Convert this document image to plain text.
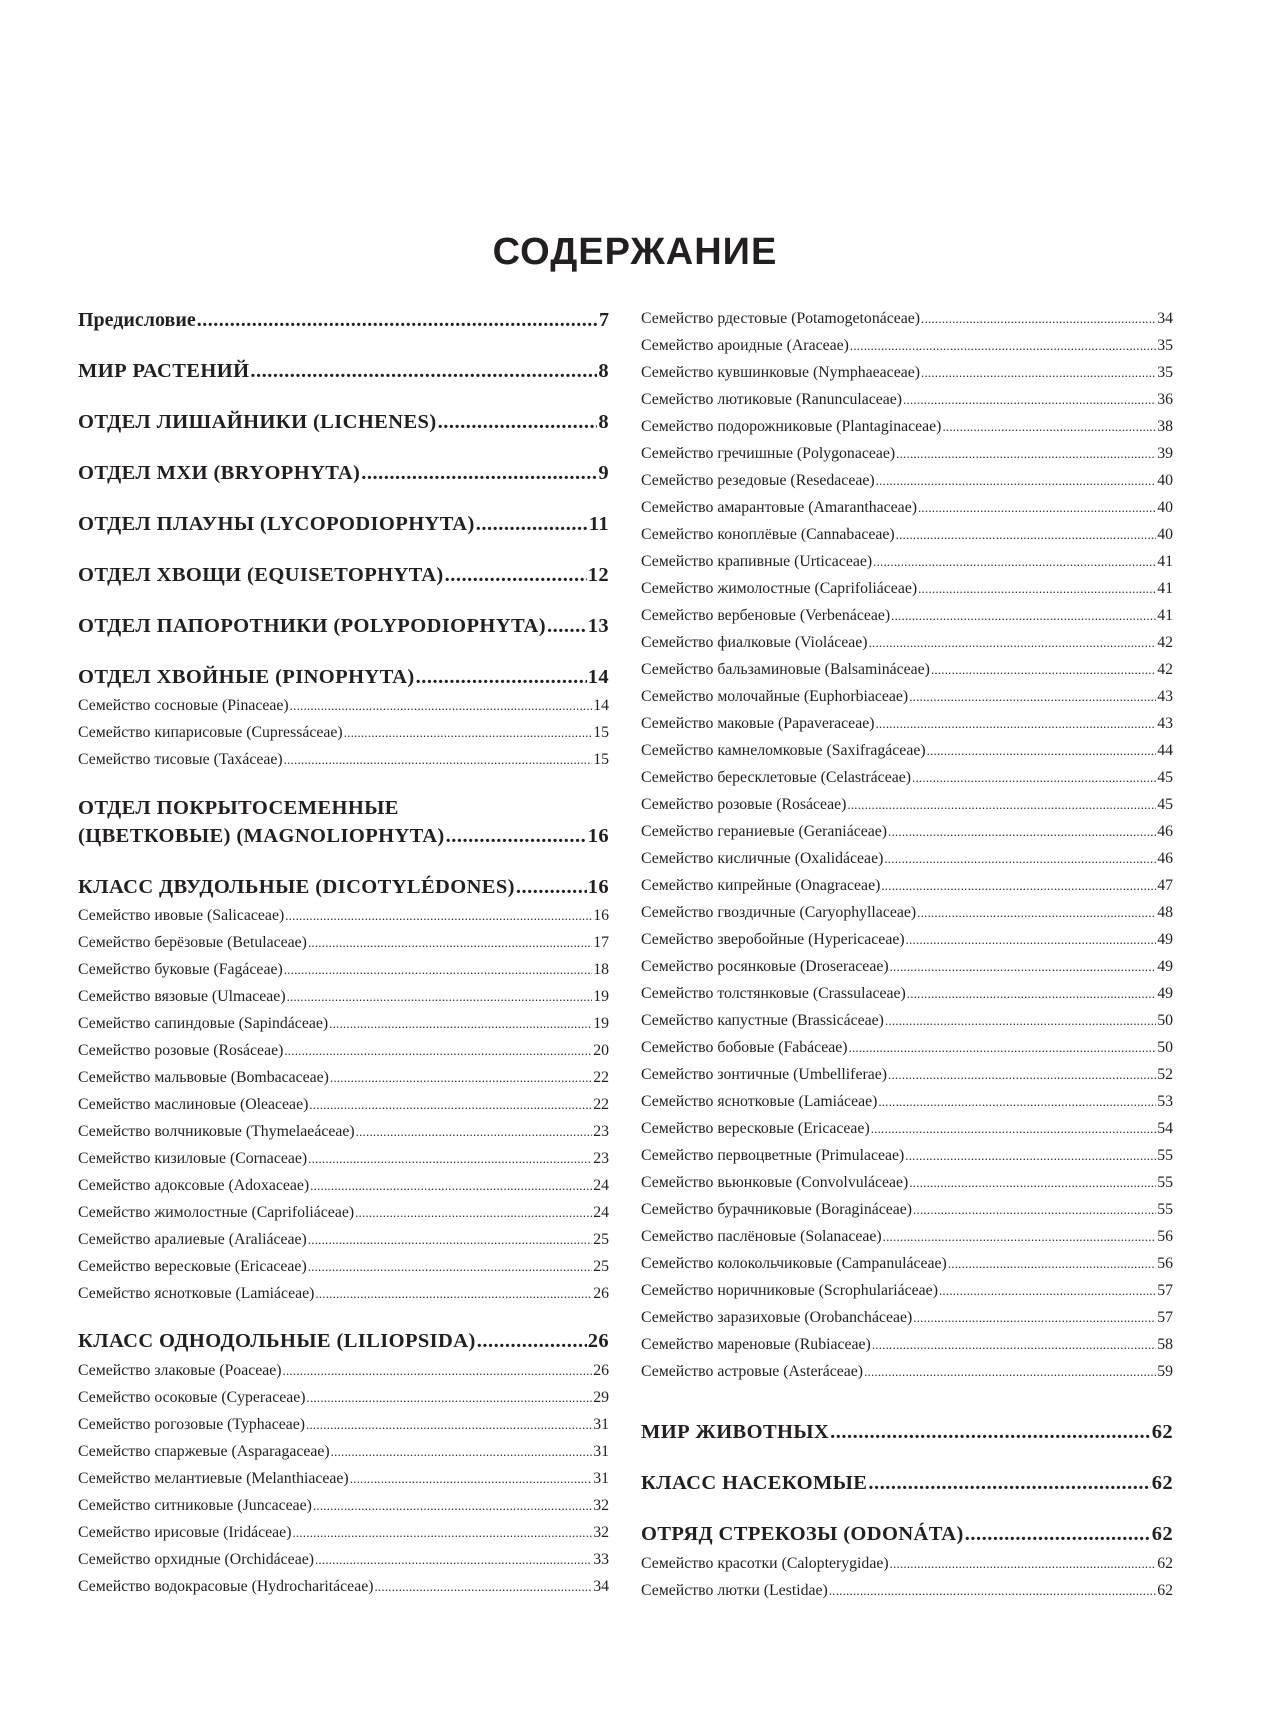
СОДЕРЖАНИЕ
Предисловие .....	7
МИР РАСТЕНИЙ .....	8
ОТДЕЛ ЛИШАЙНИКИ (LICHENES) .....	8
ОТДЕЛ МХИ (BRYOPHYTA) .....	9
ОТДЕЛ ПЛАУНЫ (LYCOPODIOPHYTA) .....	11
ОТДЕЛ ХВОЩИ (EQUISETOPHYTA) .....	12
ОТДЕЛ ПАПОРОТНИКИ (POLYPODIOPHYTA) ..... 13
ОТДЕЛ ХВОЙНЫЕ (PINOPHYTA) .....	14
Семейство сосновые (Pinaceae) .....	14
Семейство кипарисовые (Cupressáceae) .....	15
Семейство тисовые (Taxáceae) .....	15
ОТДЕЛ ПОКРЫТОСЕМЕННЫЕ
(ЦВЕТКОВЫЕ) (MAGNOLIOPHYTA) .....	16
КЛАСС ДВУДОЛЬНЫЕ (DICOTYLÉDONES) .....	16
Семейство ивовые (Salicaceae) .....	16
Семейство берёзовые (Betulaceae) .....	17
Семейство буковые (Fagáceae) .....	18
Семейство вязовые (Ulmaceae) .....	19
Семейство сапиндовые (Sapindáceae) .....	19
Семейство розовые (Rosáceae) .....	20
Семейство мальвовые (Bombacaceae) .....	22
Семейство маслиновые (Oleaceae) .....	22
Семейство волчниковые (Thymelaeáceae) .....	23
Семейство кизиловые (Cornaceae) .....	23
Семейство адоксовые (Adoxaceae) .....	24
Семейство жимолостные (Caprifoliáceae) .....	24
Семейство аралиевые (Araliáceae) .....	25
Семейство вересковые (Ericaceae) .....	25
Семейство яснотковые (Lamiáceae) .....	26
КЛАСС ОДНОДОЛЬНЫЕ (LILIOPSIDA) .....	26
Семейство злаковые (Poaceae) .....	26
Семейство осоковые (Cyperaceae) .....	29
Семейство рогозовые (Typhaceae) .....	31
Семейство спаржевые (Asparagaceae) .....	31
Семейство мелантиевые (Melanthiaceae) .....	31
Семейство ситниковые (Juncaceae) .....	32
Семейство ирисовые (Iridáceae) .....	32
Семейство орхидные (Orchidáceae) .....	33
Семейство водокрасовые (Hydrocharitáceae) .....	34
Семейство рдестовые (Potamogetonáceae) .....	34
Семейство ароидные (Araceae) .....	35
Семейство кувшинковые (Nymphaeaceae) .....	35
Семейство лютиковые (Ranunculaceae) .....	36
Семейство подорожниковые (Plantaginaceae) .....	38
Семейство гречишные (Polygonaceae) .....	39
Семейство резедовые (Resedaceae) .....	40
Семейство амарантовые (Amaranthaceae) .....	40
Семейство коноплёвые (Cannabaceae) .....	40
Семейство крапивные (Urticaceae) .....	41
Семейство жимолостные (Caprifoliáceae) .....	41
Семейство вербеновые (Verbenáceae) .....	41
Семейство фиалковые (Violáceae) .....	42
Семейство бальзаминовые (Balsamináceae) .....	42
Семейство молочайные (Euphorbiaceae) .....	43
Семейство маковые (Papaveraceae) .....	43
Семейство камнеломковые (Saxifragáceae) .....	44
Семейство бересклетовые (Celastráceae) .....	45
Семейство розовые (Rosáceae) .....	45
Семейство гераниевые (Geraniáceae) .....	46
Семейство кисличные (Oxalidáceae) .....	46
Семейство кипрейные (Onagraceae) .....	47
Семейство гвоздичные (Caryophyllaceae) .....	48
Семейство зверобойные (Hypericaceae) .....	49
Семейство росянковые (Droseraceae) .....	49
Семейство толстянковые (Crassulaceae) .....	49
Семейство капустные (Brassicáceae) .....	50
Семейство бобовые (Fabáceae) .....	50
Семейство зонтичные (Umbelliferae) .....	52
Семейство яснотковые (Lamiáceae) .....	53
Семейство вересковые (Ericaceae) .....	54
Семейство первоцветные (Primulaceae) .....	55
Семейство вьюнковые (Convolvuláceae) .....	55
Семейство бурачниковые (Boragináceae) .....	55
Семейство паслёновые (Solanaceae) .....	56
Семейство колокольчиковые (Campanuláceae) .....	56
Семейство норичниковые (Scrophulariáceae) .....	57
Семейство заразиховые (Orobancháceae) .....	57
Семейство мареновые (Rubiaceae) .....	58
Семейство астровые (Asteráceae) .....	59
МИР ЖИВОТНЫХ .....	62
КЛАСС НАСЕКОМЫЕ .....	62
ОТРЯД СТРЕКОЗЫ (ODONÁTA) .....	62
Семейство красотки (Calopterygidae) .....	62
Семейство лютки (Lestidae) .....	62
